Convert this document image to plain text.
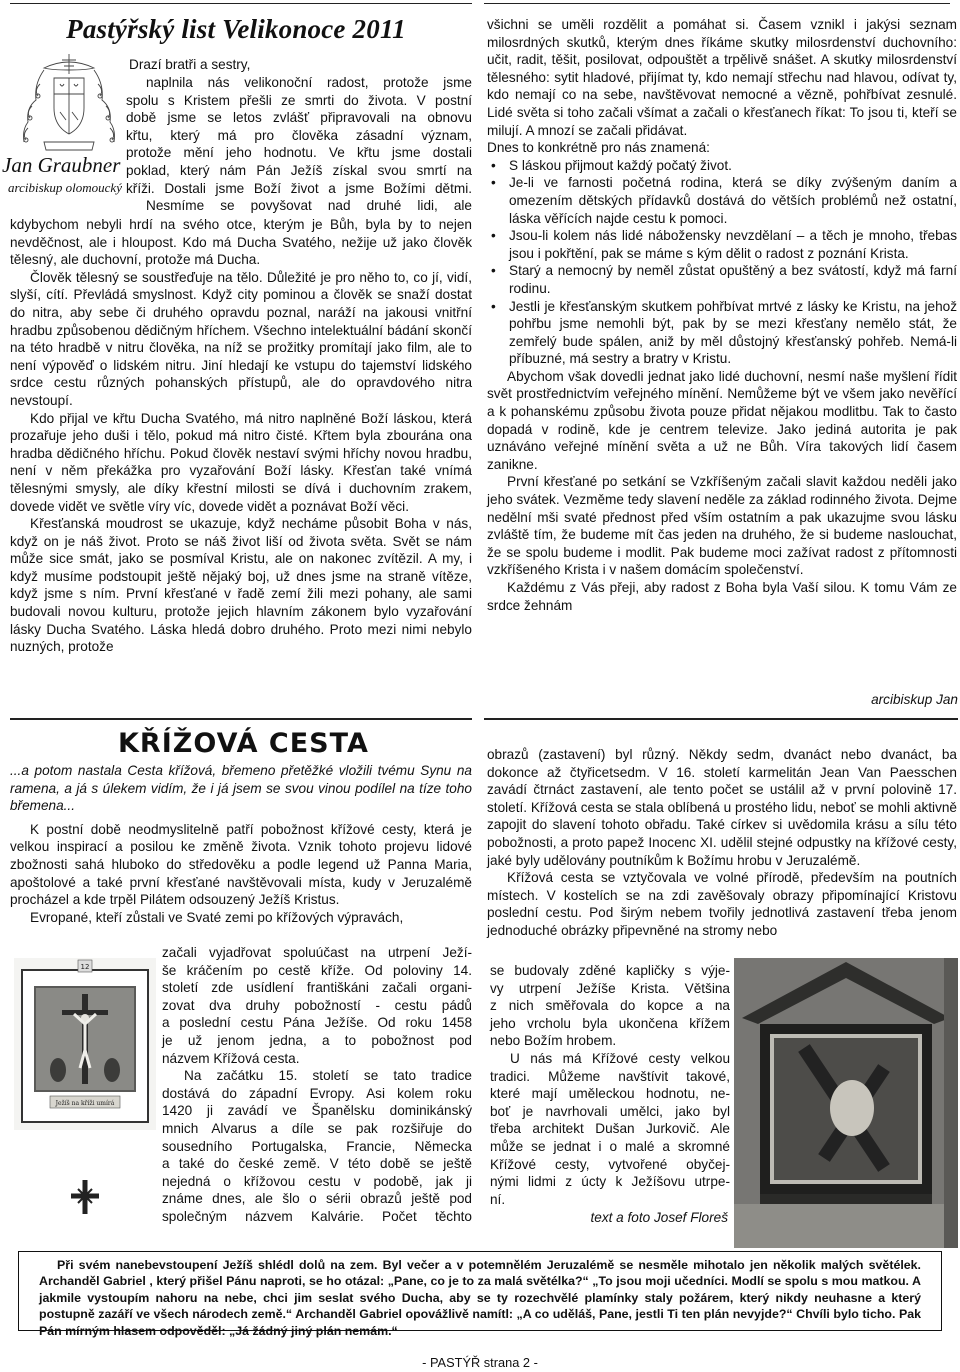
Pastýřský list Velikonoce 2011
Jan Graubner
arcibiskup olomoucký

Drazí bratři a sestry,

naplnila nás velikonoční radost, protože jsme
spolu s Kristem přešli ze smrti do života. V postní
době jsme se letos zvlášť připravovali na obnovu
křtu, který má pro člověka zásadní význam,
protože mění jeho hodnotu. Ve křtu jsme dostali
poklad, který nám Pán Ježíš získal svou smrtí na
kříži. Dostali jsme Boží život a jsme Božími dětmi.
Nesmíme se povyšovat nad druhé lidi, ale

kdybychom nebyli hrdí na svého otce, kterým je Bůh, byla by to nejen nevděčnost, ale i hloupost. Kdo má Ducha Svatého, nežije už jako člověk tělesný, ale duchovní, protože má Ducha.

Člověk tělesný se soustřeďuje na tělo. Důležité je pro něho to, co jí, vidí, slyší, cítí. Převládá smyslnost. Když city pominou a člověk se snaží dostat do nitra, aby sebe či druhého opravdu poznal, naráží na jakousi vnitřní hradbu způsobenou dědičným hříchem. Všechno intelektuální bádání skončí na této hradbě v nitru člověka, na níž se prožitky promítají jako film, ale to není výpověď o lidském nitru. Jiní hledají ke vstupu do tajemství lidského srdce cestu různých pohanských přístupů, ale do opravdového nitra nevstoupí.

Kdo přijal ve křtu Ducha Svatého, má nitro naplněné Boží láskou, která prozařuje jeho duši i tělo, pokud má nitro čisté. Křtem byla zbourána ona hradba dědičného hříchu. Pokud člověk nestaví svými hříchy novou hradbu, není v něm překážka pro vyzařování Boží lásky. Křesťan také vnímá tělesnými smysly, ale díky křestní milosti se dívá i duchovním zrakem, dovede vidět ve světle víry víc, dovede vidět a poznávat Boží věci.

Křesťanská moudrost se ukazuje, když necháme působit Boha v nás, když on je náš život. Proto se náš život liší od života světa. Svět se nám může sice smát, jako se posmíval Kristu, ale on nakonec zvítězil. A my, i když musíme podstoupit ještě nějaký boj, už dnes jsme na straně vítěze, když jsme s ním. První křesťané v řadě zemí žili mezi pohany, ale sami budovali novou kulturu, protože jejich hlavním zákonem bylo vyzařování lásky Ducha Svatého. Láska hledá dobro druhého. Proto mezi nimi nebylo nuzných, protože

všichni se uměli rozdělit a pomáhat si. Časem vznikl i jakýsi seznam milosrdných skutků, kterým dnes říkáme skutky milosrdenství duchovního: učit, radit, těšit, posilovat, odpouštět a trpělivě snášet. A skutky milosrdenství tělesného: sytit hladové, přijímat ty, kdo nemají střechu nad hlavou, odívat ty, kdo nemají co na sebe, navštěvovat nemocné a vězně, pohřbívat zesnulé. Lidé světa si toho začali všímat a začali o křesťanech říkat: To jsou ti, kteří se milují. A mnozí se začali přidávat.

Dnes to konkrétně pro nás znamená:

• S láskou přijmout každý počatý život.
• Je-li ve farnosti početná rodina, která se díky zvýšeným daním a omezením dětských přídavků dostává do větších problémů než ostatní, láska věřících najde cestu k pomoci.
• Jsou-li kolem nás lidé nábožensky nevzdělaní – a těch je mnoho, třebas jsou i pokřtění, pak se máme s kým dělit o radost z poznání Krista.
• Starý a nemocný by neměl zůstat opuštěný a bez svátostí, když má farní rodinu.
• Jestli je křesťanským skutkem pohřbívat mrtvé z lásky ke Kristu, na jehož pohřbu jsme nemohli být, pak by se mezi křesťany nemělo stát, že zemřelý bude spálen, aniž by měl důstojný křesťanský pohřeb. Nemá-li příbuzné, má sestry a bratry v Kristu.

Abychom však dovedli jednat jako lidé duchovní, nesmí naše myšlení řídit svět prostřednictvím veřejného mínění. Nemůžeme být ve všem jako nevěřící a k pohanskému způsobu života pouze přidat nějakou modlitbu. Tak to často dopadá v rodině, kde je centrem televize. Jako jediná autorita je pak uznáváno veřejné mínění světa a už ne Bůh. Víra takových lidí časem zanikne.

První křesťané po setkání se Vzkříšeným začali slavit každou neděli jako jeho svátek. Vezměme tedy slavení neděle za základ rodinného života. Dejme nedělní mši svaté přednost před vším ostatním a pak ukazujme svou lásku zvláště tím, že budeme mít čas jeden na druhého, že si budeme naslouchat, že se spolu budeme i modlit. Pak budeme moci zažívat radost z přítomnosti vzkříšeného Krista i v našem domácím společenství.

Každému z Vás přeji, aby radost z Boha byla Vaší silou. K tomu Vám ze srdce žehnám

arcibiskup Jan
KŘÍŽOVÁ CESTA

...a potom nastala Cesta křížová, břemeno přetěžké vložili tvému Synu na ramena, a já s úlekem vidím, že i já jsem se svou vinou podílel na tíze toho břemena...

K postní době neodmyslitelně patří pobožnost křížové cesty, která je velkou inspirací a posilou ke změně života. Vznik tohoto projevu lidové zbožnosti sahá hluboko do středověku a podle legend už Panna Maria, apoštolové a také první křesťané navštěvovali místa, kudy v Jeruzalémě procházel a kde trpěl Pilátem odsouzený Ježíš Kristus.

Evropané, kteří zůstali ve Svaté zemi po křížových výpravách,

Ježíš na kříži umírá
12
začali vyjadřovat spoluúčast na utrpení Ježí-
še kráčením po cestě kříže. Od poloviny 14.
století zde usídlení františkáni začali organi-
zovat dva druhy pobožností - cestu pádů
a poslední cestu Pána Ježíše. Od roku 1458
je už jenom jedna, a to pobožnost pod
názvem Křížová cesta.
Na začátku 15. století se tato tradice
dostává do západní Evropy. Asi kolem roku
1420 ji zavádí ve Španělsku dominikánský
mnich Alvarus a díle se pak rozšiřuje do
sousedního Portugalska, Francie, Německa
a také do české země. V této době se ještě
nejedná o křížovou cestu v podobě, jak ji
známe dnes, ale šlo o sérii obrazů ještě pod
společným názvem Kalvárie. Počet těchto

obrazů (zastavení) byl různý. Někdy sedm, dvanáct nebo dvanáct, ba dokonce až čtyřicetsedm. V 16. století karmelitán Jean Van Paesschen zavádí čtrnáct zastavení, ale tento počet se ustálil až v první polovině 17. století. Křížová cesta se stala oblíbená u prostého lidu, neboť se mohli aktivně zapojit do slavení tohoto obřadu. Také církev si uvědomila krásu a sílu této pobožnosti, a proto papež Inocenc XI. udělil stejné odpustky na křížové cesty, jaké byly udělovány poutníkům k Božímu hrobu v Jeruzalémě.

Křížová cesta se vztyčovala ve volné přírodě, především na poutních místech. V kostelích se na zdi zavěšovaly obrazy připomínající Kristovu poslední cestu. Pod širým nebem tvořily jednotlivá zastavení třeba jenom jednoduché obrázky připevněné na stromy nebo

se budovaly zděné kapličky s výje-
vy utrpení Ježíše Krista. Většina
z nich směřovala do kopce a na
jeho vrcholu byla ukončena křížem
nebo Božím hrobem.
U nás má Křížové cesty velkou
tradici. Můžeme navštívit takové,
které mají uměleckou hodnotu, ne-
boť je navrhovali umělci, jako byl
třeba architekt Dušan Jurkovič. Ale
může se jednat i o malé a skromné
Křížové cesty, vytvořené obyčej-
nými lidmi z úcty k Ježíšovu utrpe-
ní.
text a foto Josef Floreš

Při svém nanebevstoupení Ježíš shlédl dolů na zem. Byl večer a v potemnělém Jeruzalémě se nesměle mihotalo jen několik malých světélek. Archanděl Gabriel , který přišel Pánu naproti, se ho otázal: „Pane, co je to za malá světélka?“ „To jsou moji učedníci. Modlí se spolu s mou matkou. A jakmile vystoupím nahoru na nebe, chci jim seslat svého Ducha, aby se ty rozechvělé plamínky staly požárem, který nikdy neuhasne a který postupně zazáří ve všech národech země.“ Archanděl Gabriel opovážlivě namítl: „A co uděláš, Pane, jestli Ti ten plán nevyjde?“ Chvíli bylo ticho. Pak Pán mírným hlasem odpověděl: „Já žádný jiný plán nemám.“

- PASTÝŘ strana 2 -
